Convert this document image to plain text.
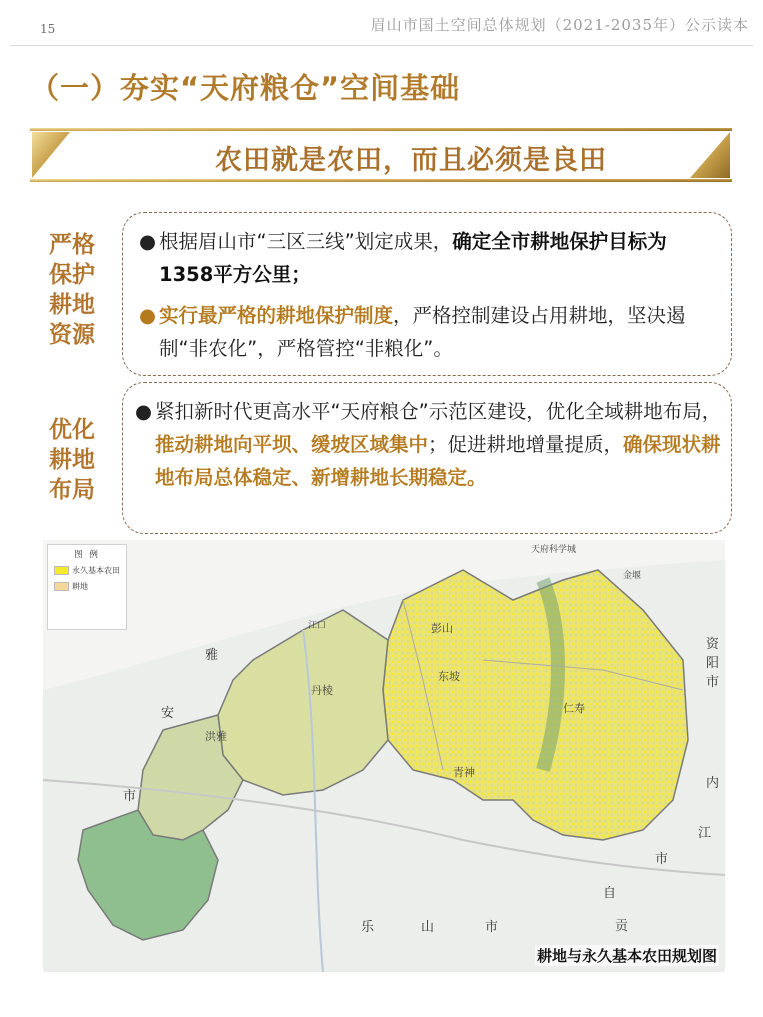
15	眉山市国土空间总体规划（2021-2035年）公示读本
（一）夯实“天府粮仓”空间基础
农田就是农田，而且必须是良田
严格
保护
耕地
资源
● 根据眉山市“三区三线”划定成果，确定全市耕地保护目标为1358平方公里；
● 实行最严格的耕地保护制度，严格控制建设占用耕地，坚决遏制“非农化”，严格管控“非粮化”。
优化
耕地
布局
● 紧扣新时代更高水平“天府粮仓”示范区建设，优化全域耕地布局，推动耕地向平坝、缓坡区域集中；促进耕地增量提质，确保现状耕地布局总体稳定、新增耕地长期稳定。
图 例
永久基本农田
耕地
天府科学城
彭山
东坡
仁寿
丹棱
洪雅
青神
江口
金堰
雅
安
市
资
阳
市
内
江
市
自
贡
乐	山	市
耕地与永久基本农田规划图
